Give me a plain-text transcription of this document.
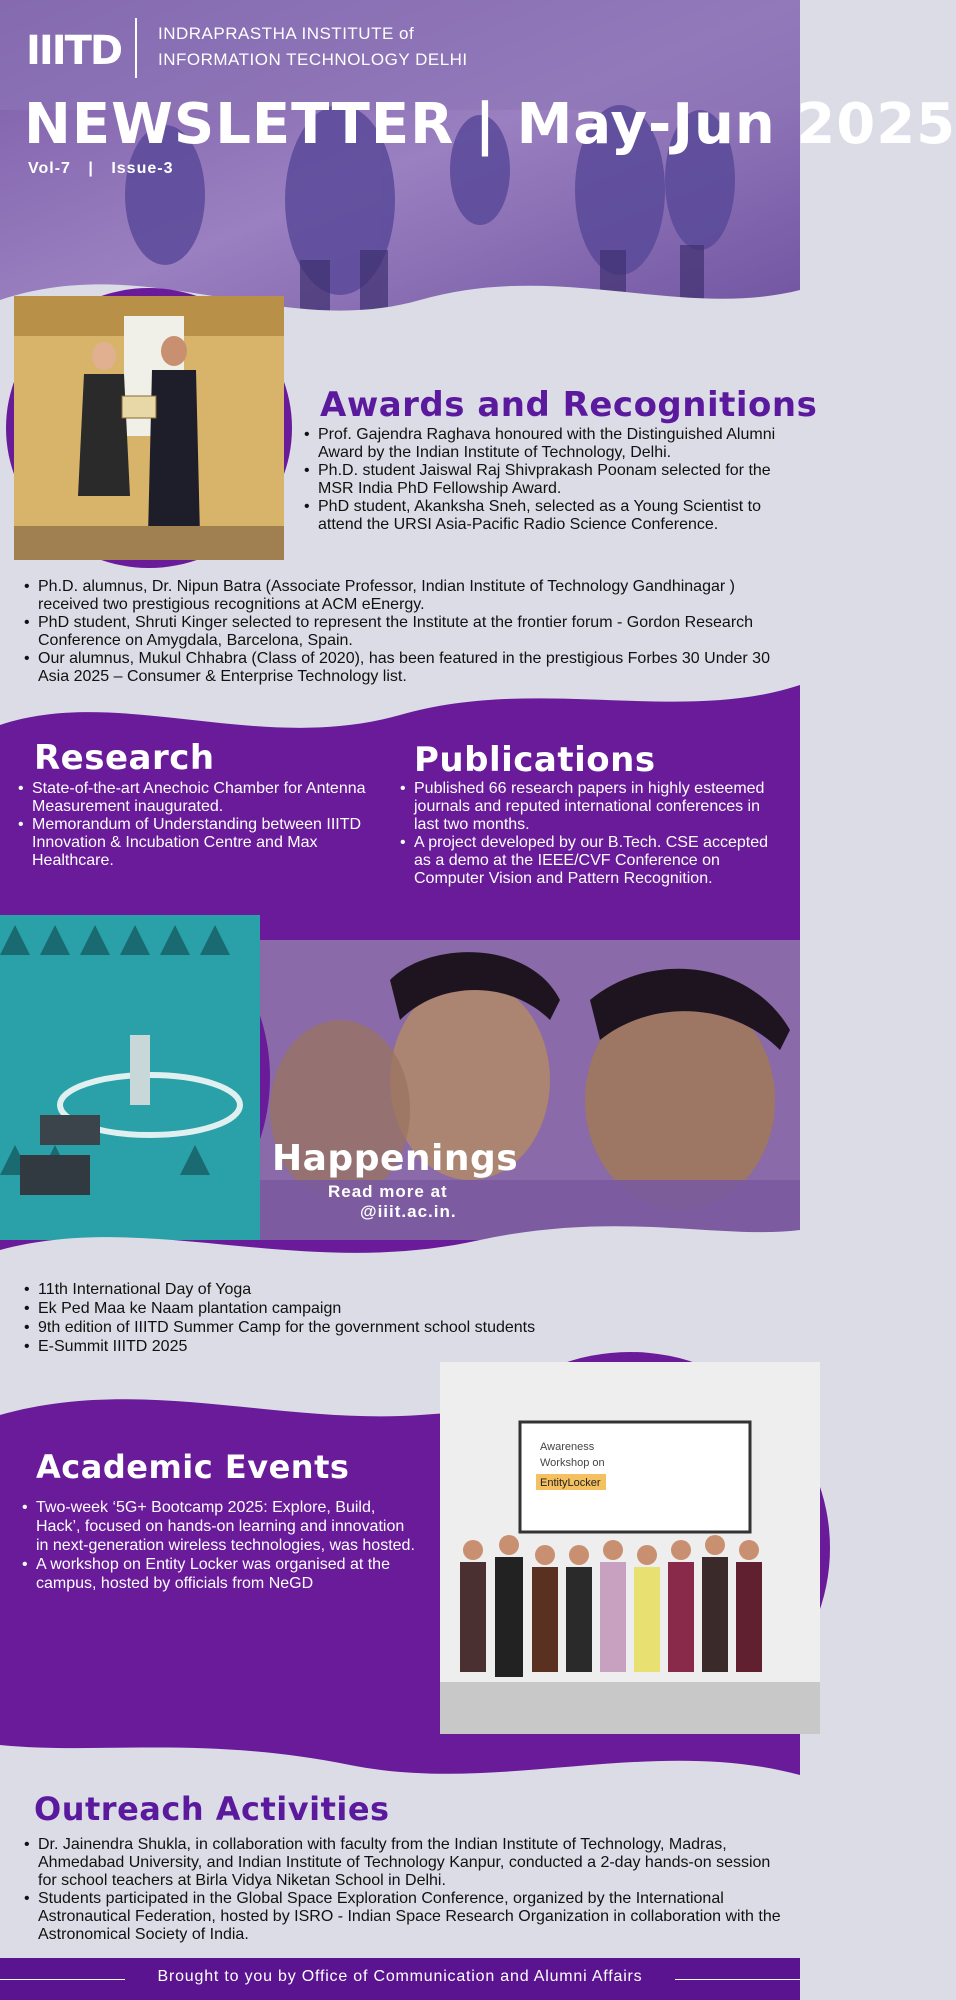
IIITD INDRAPRASTHA INSTITUTE of
INFORMATION TECHNOLOGY DELHI
NEWSLETTER | May-Jun 2025
Vol-7 | Issue-3
Awards and Recognitions
• Prof. Gajendra Raghava honoured with the Distinguished Alumni Award by the Indian Institute of Technology, Delhi.
• Ph.D. student Jaiswal Raj Shivprakash Poonam selected for the MSR India PhD Fellowship Award.
• PhD student, Akanksha Sneh, selected as a Young Scientist to attend the URSI Asia-Pacific Radio Science Conference.
• Ph.D. alumnus, Dr. Nipun Batra (Associate Professor, Indian Institute of Technology Gandhinagar ) received two prestigious recognitions at ACM eEnergy.
• PhD student, Shruti Kinger selected to represent the Institute at the frontier forum - Gordon Research Conference on Amygdala, Barcelona, Spain.
• Our alumnus, Mukul Chhabra (Class of 2020), has been featured in the prestigious Forbes 30 Under 30 Asia 2025 – Consumer & Enterprise Technology list.
Research
• State-of-the-art Anechoic Chamber for Antenna Measurement inaugurated.
• Memorandum of Understanding between IIITD Innovation & Incubation Centre and Max Healthcare.
Publications
• Published 66 research papers in highly esteemed journals and reputed international conferences in last two months.
• A project developed by our B.Tech. CSE accepted as a demo at the IEEE/CVF Conference on Computer Vision and Pattern Recognition.
Happenings
Read more at
@iiit.ac.in.
• 11th International Day of Yoga
• Ek Ped Maa ke Naam plantation campaign
• 9th edition of IIITD Summer Camp for the government school students
• E-Summit IIITD 2025
Academic Events
• Two-week ‘5G+ Bootcamp 2025: Explore, Build, Hack’, focused on hands-on learning and innovation in next-generation wireless technologies, was hosted.
• A workshop on Entity Locker was organised at the campus, hosted by officials from NeGD
Awareness
Workshop on
EntityLocker
Outreach Activities
• Dr. Jainendra Shukla, in collaboration with faculty from the Indian Institute of Technology, Madras, Ahmedabad University, and Indian Institute of Technology Kanpur, conducted a 2-day hands-on session for school teachers at Birla Vidya Niketan School in Delhi.
• Students participated in the Global Space Exploration Conference, organized by the International Astronautical Federation, hosted by ISRO - Indian Space Research Organization in collaboration with the Astronomical Society of India.
Brought to you by Office of Communication and Alumni Affairs
